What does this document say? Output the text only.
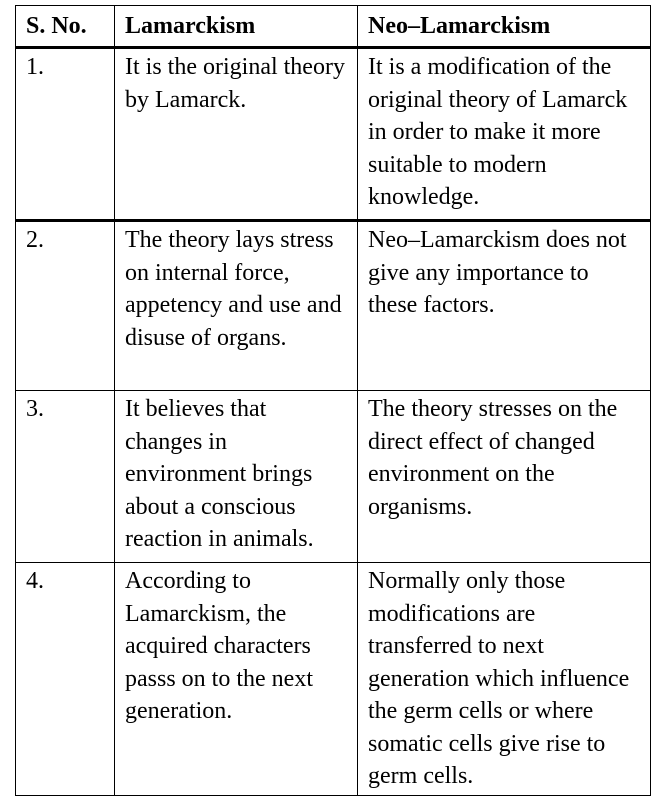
S. No.	Lamarckism	Neo–Lamarckism
1.	It is the original theory by Lamarck.	It is a modification of the original theory of Lamarck in order to make it more suitable to modern knowledge.
2.	The theory lays stress on internal force, appetency and use and disuse of organs.	Neo–Lamarckism does not give any importance to these factors.
3.	It believes that changes in environment brings about a conscious reaction in animals.	The theory stresses on the direct effect of changed environment on the organisms.
4.	According to Lamarckism, the acquired characters passs on to the next generation.	Normally only those modifications are transferred to next generation which influence the germ cells or where somatic cells give rise to germ cells.
